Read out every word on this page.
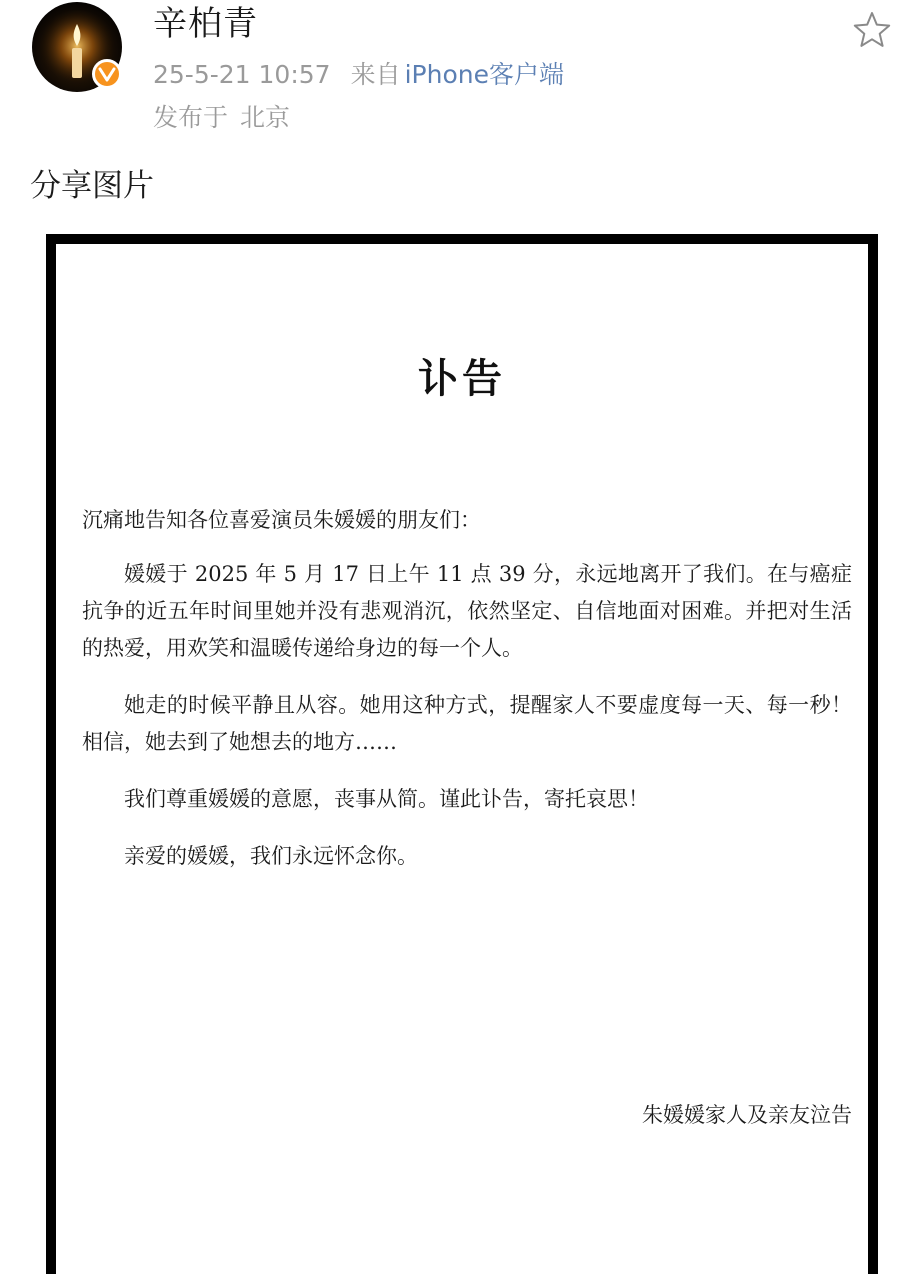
辛柏青
25-5-21 10:57 来自 iPhone客户端
发布于 北京
分享图片
讣告

沉痛地告知各位喜爱演员朱媛媛的朋友们：

媛媛于 2025 年 5 月 17 日上午 11 点 39 分，永远地离开了我们。在与癌症抗争的近五年时间里她并没有悲观消沉，依然坚定、自信地面对困难。并把对生活的热爱，用欢笑和温暖传递给身边的每一个人。

她走的时候平静且从容。她用这种方式，提醒家人不要虚度每一天、每一秒！相信，她去到了她想去的地方……

我们尊重媛媛的意愿，丧事从简。谨此讣告，寄托哀思！

亲爱的媛媛，我们永远怀念你。

朱媛媛家人及亲友泣告
